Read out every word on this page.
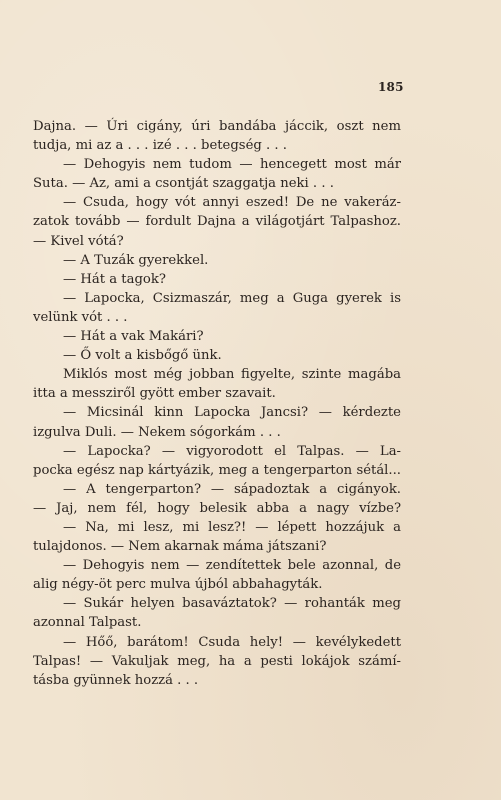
185
Dajna. — Úri cigány, úri bandába jáccik, oszt nem
tudja, mi az a . . . izé . . . betegség . . .
— Dehogyis nem tudom — hencegett most már
Suta. — Az, ami a csontját szaggatja neki . . .
— Csuda, hogy vót annyi eszed! De ne vakeráz-
zatok tovább — fordult Dajna a világotjárt Talpashoz.
— Kivel vótá?
— A Tuzák gyerekkel.
— Hát a tagok?
— Lapocka, Csizmaszár, meg a Guga gyerek is
velünk vót . . .
— Hát a vak Makári?
— Ő volt a kisbőgő ünk.
Miklós most még jobban figyelte, szinte magába
itta a messziről gyött ember szavait.
— Micsinál kinn Lapocka Jancsi? — kérdezte
izgulva Duli. — Nekem sógorkám . . .
— Lapocka? — vigyorodott el Talpas. — La-
pocka egész nap kártyázik, meg a tengerparton sétál...
— A tengerparton? — sápadoztak a cigányok.
— Jaj, nem fél, hogy belesik abba a nagy vízbe?
— Na, mi lesz, mi lesz?! — lépett hozzájuk a
tulajdonos. — Nem akarnak máma játszani?
— Dehogyis nem — zendítettek bele azonnal, de
alig négy-öt perc mulva újból abbahagyták.
— Sukár helyen basaváztatok? — rohanták meg
azonnal Talpast.
— Hőő, barátom! Csuda hely! — kevélykedett
Talpas! — Vakuljak meg, ha a pesti lokájok számí-
tásba gyünnek hozzá . . .
